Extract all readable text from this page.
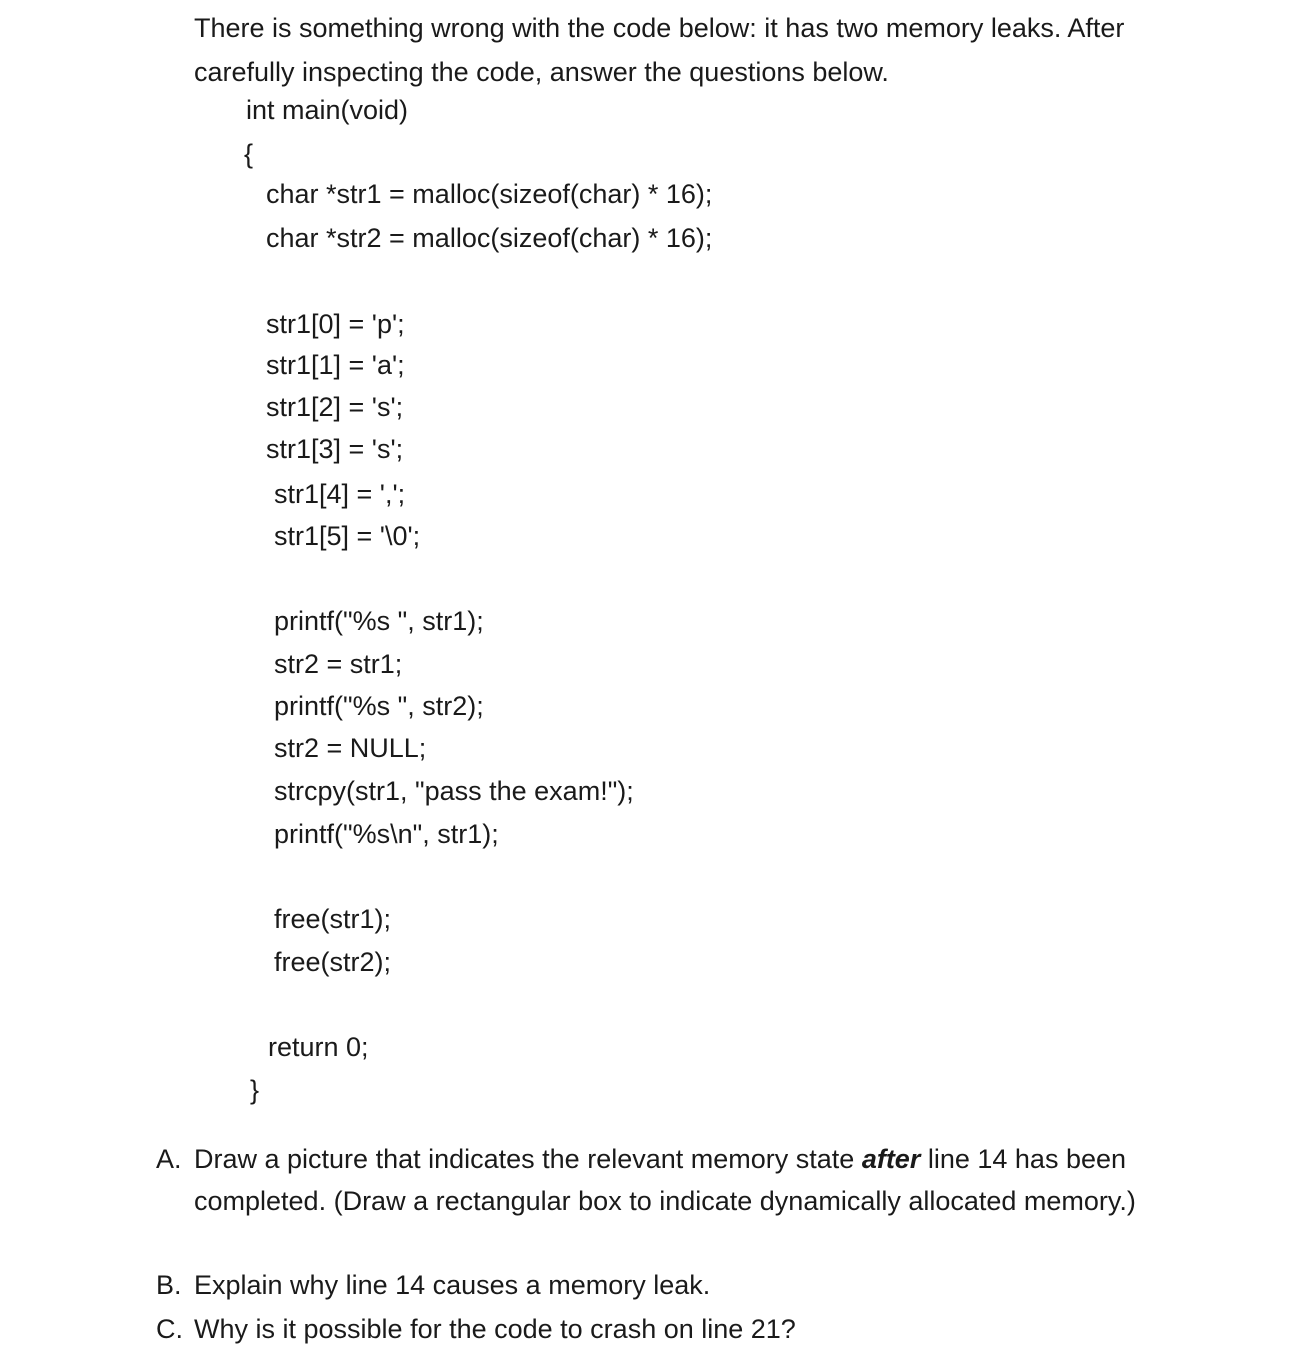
There is something wrong with the code below: it has two memory leaks. After

carefully inspecting the code, answer the questions below.

int main(void)
{
char *str1 = malloc(sizeof(char) * 16);
char *str2 = malloc(sizeof(char) * 16);
str1[0] = 'p';
str1[1] = 'a';
str1[2] = 's';
str1[3] = 's';
str1[4] = ',';
str1[5] = '\0';
printf("%s ", str1);
str2 = str1;
printf("%s ", str2);
str2 = NULL;
strcpy(str1, "pass the exam!");
printf("%s\n", str1);
free(str1);
free(str2);
return 0;
}
A. Draw a picture that indicates the relevant memory state after line 14 has been
completed. (Draw a rectangular box to indicate dynamically allocated memory.)
B. Explain why line 14 causes a memory leak.
C. Why is it possible for the code to crash on line 21?
